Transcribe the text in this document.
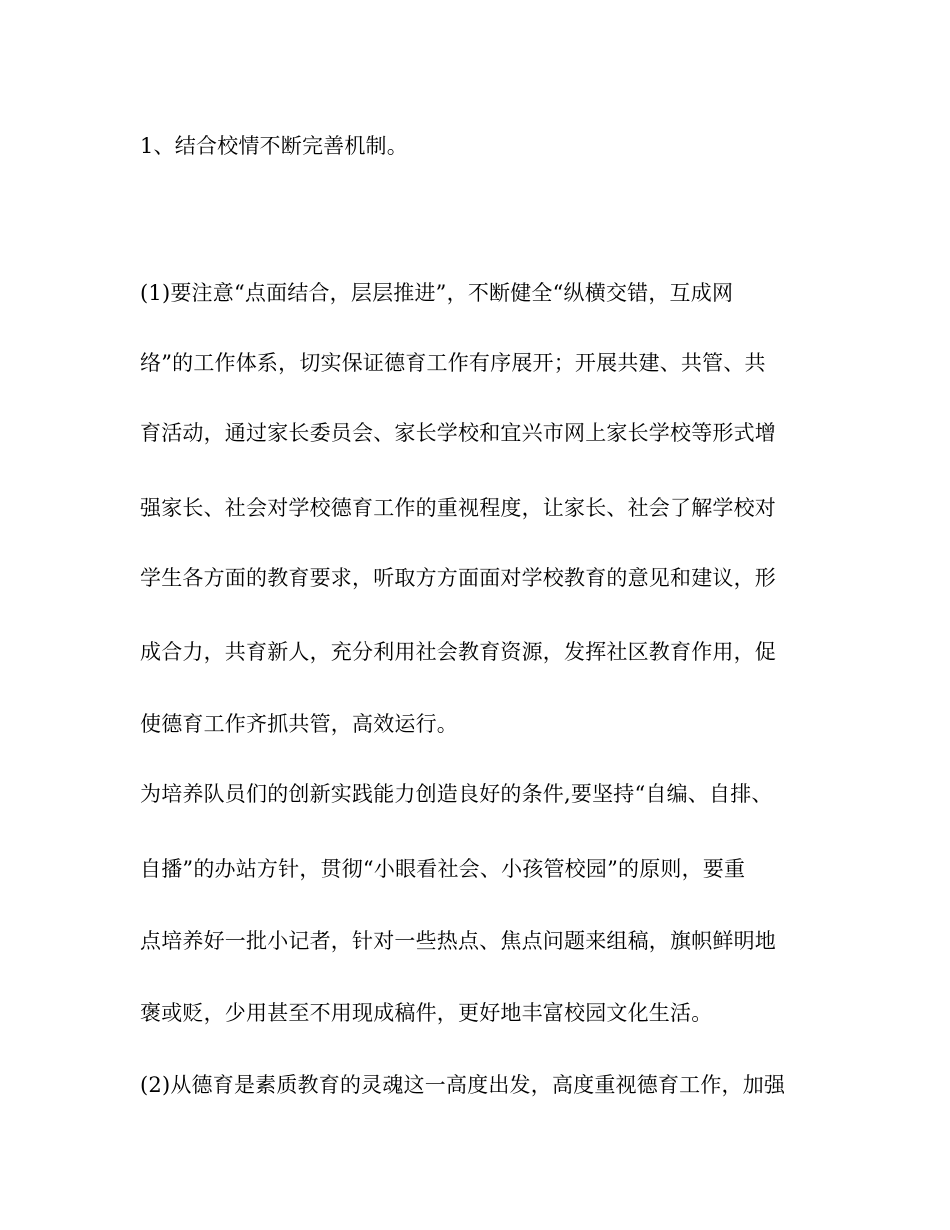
1、结合校情不断完善机制。
(1)要注意“点面结合，层层推进”，不断健全“纵横交错，互成网
络”的工作体系，切实保证德育工作有序展开；开展共建、共管、共
育活动，通过家长委员会、家长学校和宜兴市网上家长学校等形式增
强家长、社会对学校德育工作的重视程度，让家长、社会了解学校对
学生各方面的教育要求，听取方方面面对学校教育的意见和建议，形
成合力，共育新人，充分利用社会教育资源，发挥社区教育作用，促
使德育工作齐抓共管，高效运行。
为培养队员们的创新实践能力创造良好的条件,要坚持“自编、自排、
自播”的办站方针，贯彻“小眼看社会、小孩管校园”的原则，要重
点培养好一批小记者，针对一些热点、焦点问题来组稿，旗帜鲜明地
褒或贬，少用甚至不用现成稿件，更好地丰富校园文化生活。
(2)从德育是素质教育的灵魂这一高度出发，高度重视德育工作，加强
